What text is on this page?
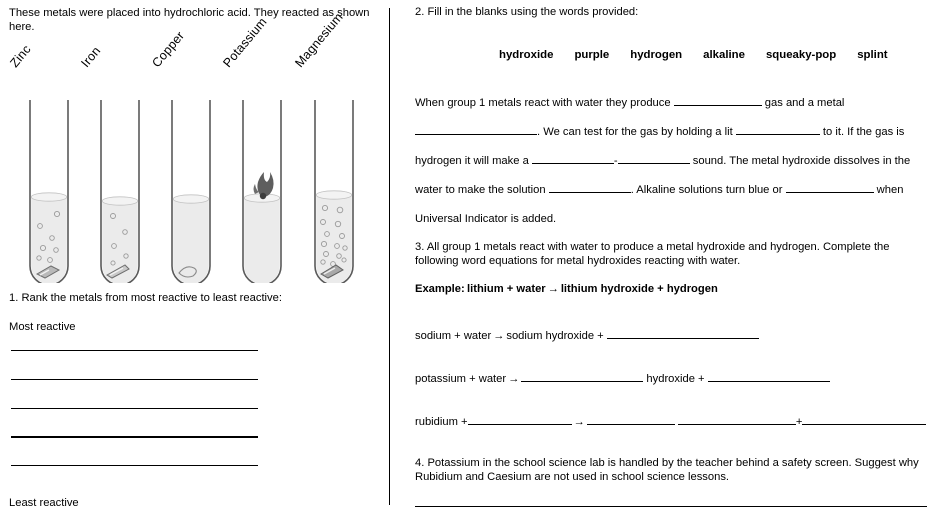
These metals were placed into hydrochloric acid. They reacted as shown here.
Zinc	Iron	Copper	Potassium Magnesium
1. Rank the metals from most reactive to least reactive:
Most reactive
Least reactive
2. Fill in the blanks using the words provided:
hydroxide purple hydrogen alkaline squeaky-pop splint
When group 1 metals react with water they produce	gas and a metal . We can test for the gas by holding a lit	to it. If the gas is hydrogen it will make a	-	sound. The metal hydroxide dissolves in the water to make the solution	. Alkaline solutions turn blue or	when Universal Indicator is added.
3. All group 1 metals react with water to produce a metal hydroxide and hydrogen. Complete the following word equations for metal hydroxides reacting with water.
Example: lithium + water → lithium hydroxide + hydrogen
sodium + water → sodium hydroxide +
potassium + water →	hydroxide +
rubidium +	→	+
4. Potassium in the school science lab is handled by the teacher behind a safety screen. Suggest why Rubidium and Caesium are not used in school science lessons.
